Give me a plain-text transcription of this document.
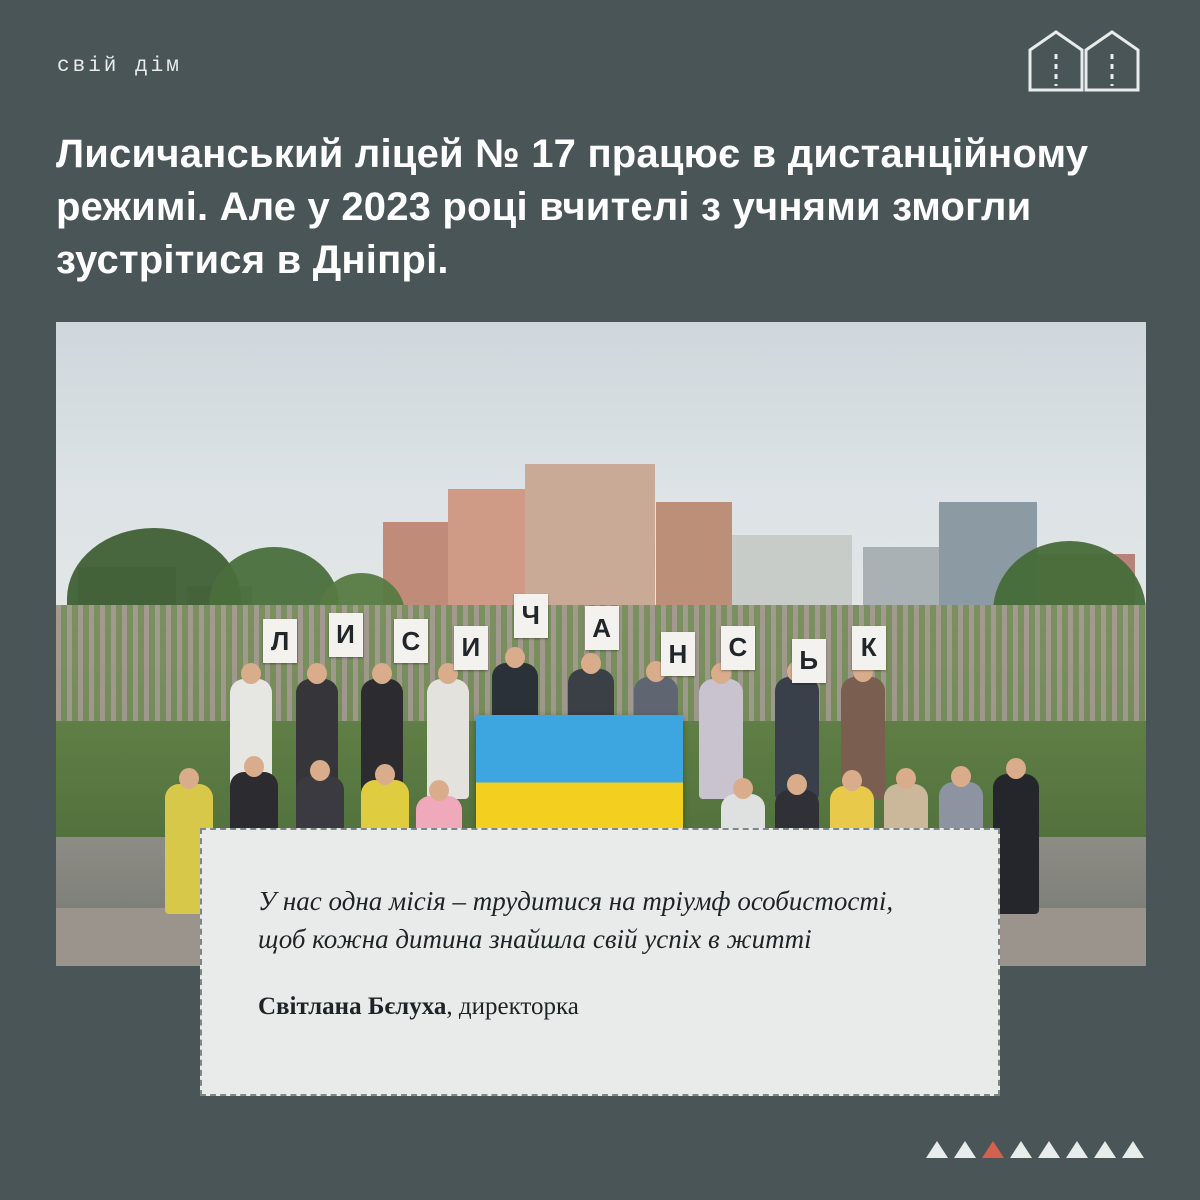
свій дім
Лисичанський ліцей № 17 працює в дистанційному режимі. Але у 2023 році вчителі з учнями змогли зустрітися в Дніпрі.
Л	И С И
Ч	А
Н С Ь	К
У нас одна місія – трудитися на тріумф особистості, щоб кожна дитина знайшла свій успіх в житті
Світлана Бєлуха, директорка
